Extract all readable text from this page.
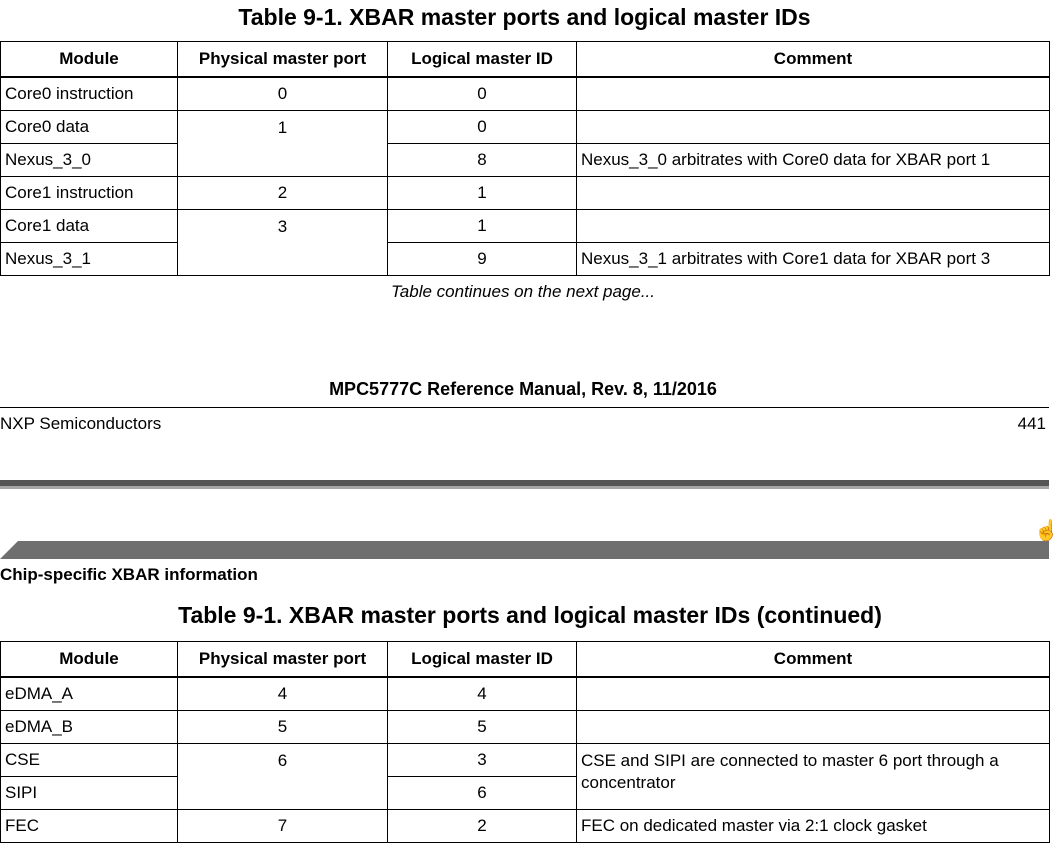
Table 9-1. XBAR master ports and logical master IDs
Module	Physical master port	Logical master ID	Comment
Core0 instruction	0	0	
Core0 data	1	0	
Nexus_3_0		8	Nexus_3_0 arbitrates with Core0 data for XBAR port 1
Core1 instruction	2	1	
Core1 data	3	1	
Nexus_3_1		9	Nexus_3_1 arbitrates with Core1 data for XBAR port 3
Table continues on the next page...
MPC5777C Reference Manual, Rev. 8, 11/2016
NXP Semiconductors	441
☝
Chip-specific XBAR information
Table 9-1. XBAR master ports and logical master IDs (continued)
Module	Physical master port	Logical master ID	Comment
eDMA_A	4	4	
eDMA_B	5	5	
CSE	6	3	CSE and SIPI are connected to master 6 port through a concentrator
SIPI		6	
FEC	7	2	FEC on dedicated master via 2:1 clock gasket
